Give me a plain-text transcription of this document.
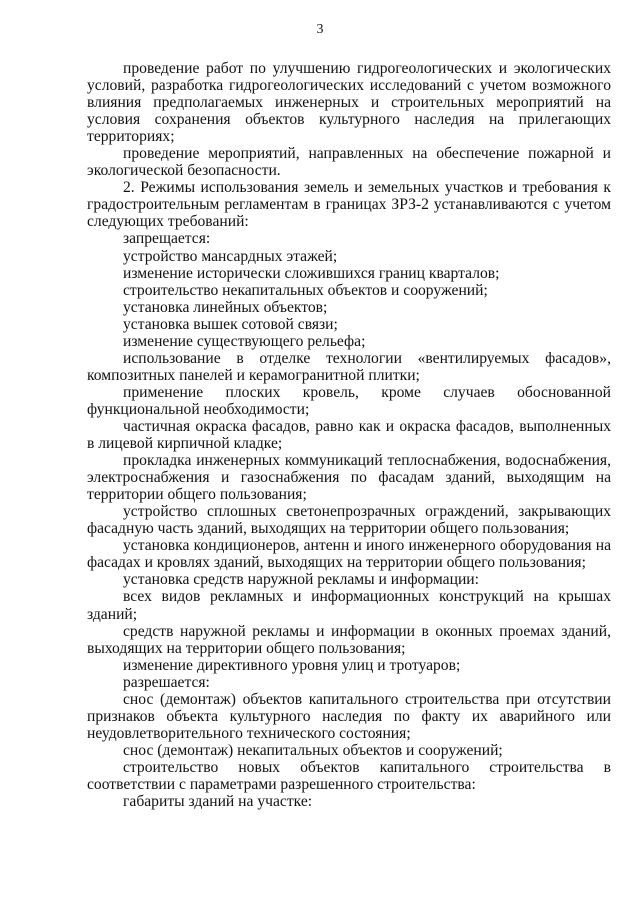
3

проведение работ по улучшению гидрогеологических и экологических условий, разработка гидрогеологических исследований с учетом возможного влияния предполагаемых инженерных и строительных мероприятий на условия сохранения объектов культурного наследия на прилегающих территориях;

проведение мероприятий, направленных на обеспечение пожарной и экологической безопасности.

2. Режимы использования земель и земельных участков и требования к градостроительным регламентам в границах ЗРЗ-2 устанавливаются с учетом следующих требований:

запрещается:

устройство мансардных этажей;

изменение исторически сложившихся границ кварталов;

строительство некапитальных объектов и сооружений;

установка линейных объектов;

установка вышек сотовой связи;

изменение существующего рельефа;

использование в отделке технологии «вентилируемых фасадов», композитных панелей и керамогранитной плитки;

применение плоских кровель, кроме случаев обоснованной функциональной необходимости;

частичная окраска фасадов, равно как и окраска фасадов, выполненных в лицевой кирпичной кладке;

прокладка инженерных коммуникаций теплоснабжения, водоснабжения, электроснабжения и газоснабжения по фасадам зданий, выходящим на территории общего пользования;

устройство сплошных светонепрозрачных ограждений, закрывающих фасадную часть зданий, выходящих на территории общего пользования;

установка кондиционеров, антенн и иного инженерного оборудования на фасадах и кровлях зданий, выходящих на территории общего пользования;

установка средств наружной рекламы и информации:

всех видов рекламных и информационных конструкций на крышах зданий;

средств наружной рекламы и информации в оконных проемах зданий, выходящих на территории общего пользования;

изменение директивного уровня улиц и тротуаров;

разрешается:

снос (демонтаж) объектов капитального строительства при отсутствии признаков объекта культурного наследия по факту их аварийного или неудовлетворительного технического состояния;

снос (демонтаж) некапитальных объектов и сооружений;

строительство новых объектов капитального строительства в соответствии с параметрами разрешенного строительства:

габариты зданий на участке:
